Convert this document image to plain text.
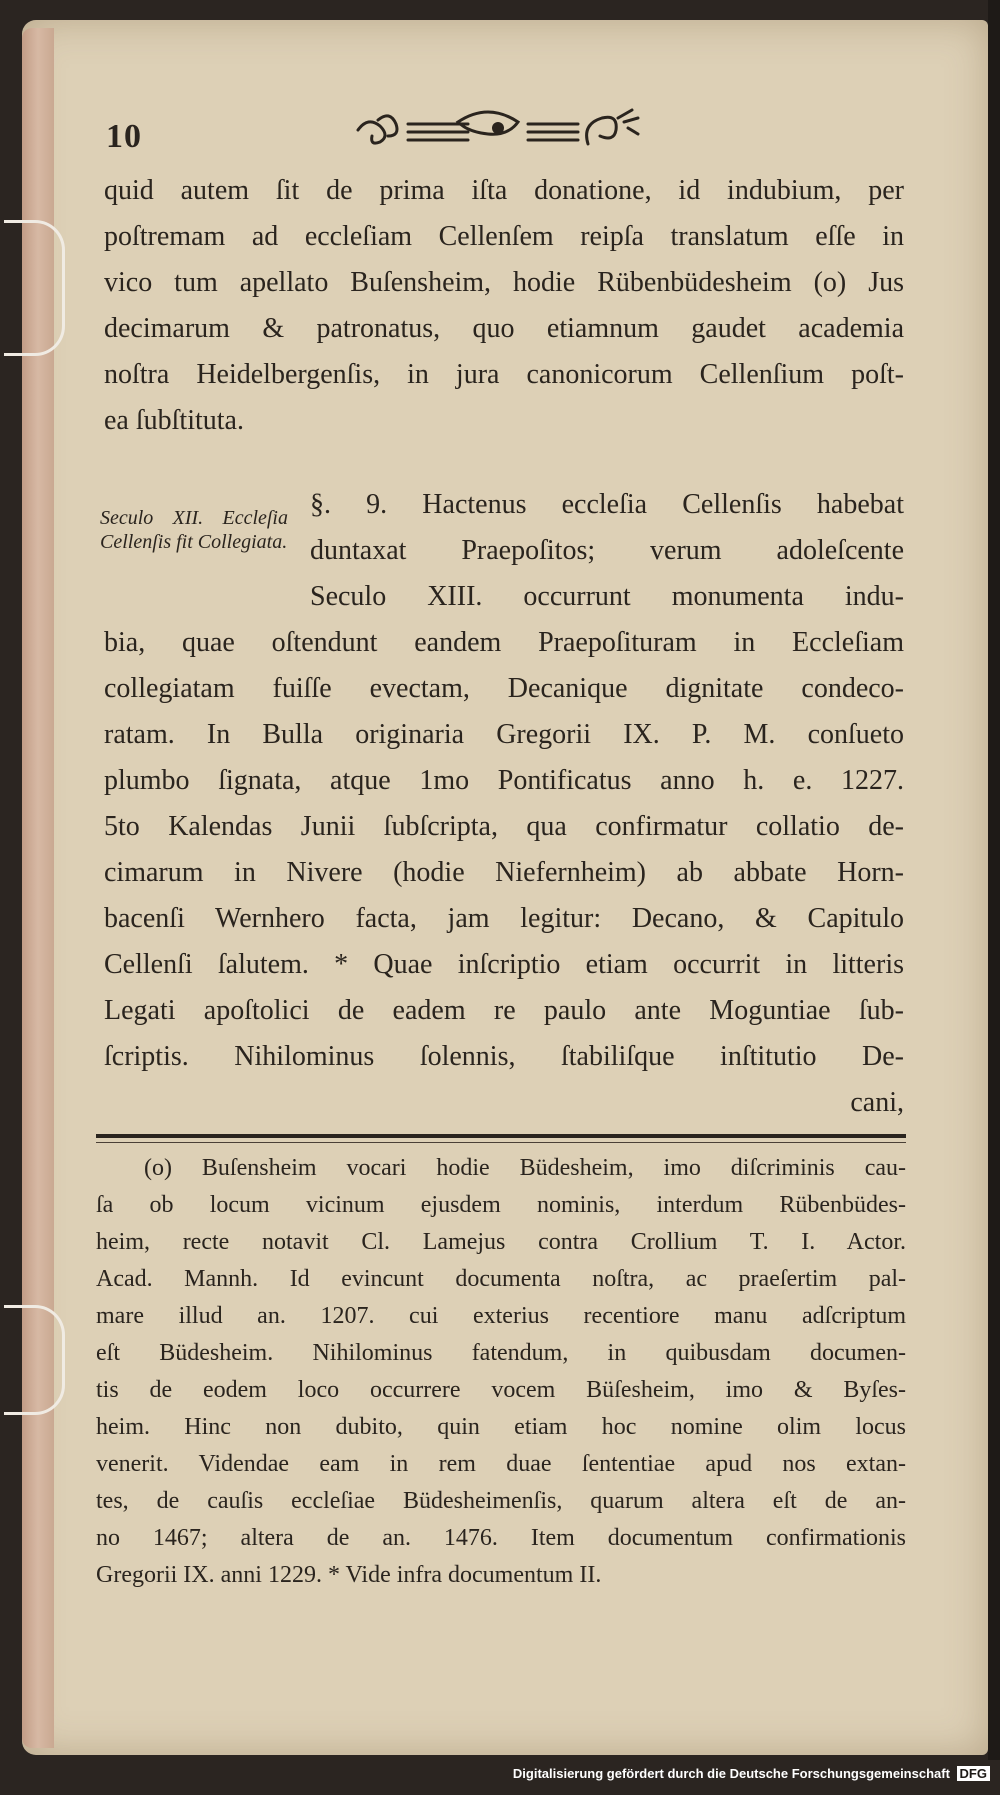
10
quid autem ſit de prima iſta donatione, id indubium, per
poſtremam ad eccleſiam Cellenſem reipſa translatum eſſe in
vico tum apellato Buſensheim, hodie Rübenbüdesheim (o) Jus
decimarum & patronatus, quo etiamnum gaudet academia
noſtra Heidelbergenſis, in jura canonicorum Cellenſium poſt-
ea ſubſtituta.
Seculo XII. Eccleſia Cellenſis fit Collegiata.
§. 9. Hactenus eccleſia Cellenſis habebat
duntaxat Praepoſitos; verum adoleſcente
Seculo XIII. occurrunt monumenta indu-
bia, quae oſtendunt eandem Praepoſituram in Eccleſiam
collegiatam fuiſſe evectam, Decanique dignitate condeco-
ratam. In Bulla originaria Gregorii IX. P. M. conſueto
plumbo ſignata, atque 1mo Pontificatus anno h. e. 1227.
5to Kalendas Junii ſubſcripta, qua confirmatur collatio de-
cimarum in Nivere (hodie Niefernheim) ab abbate Horn-
bacenſi Wernhero facta, jam legitur: Decano, & Capitulo
Cellenſi ſalutem. * Quae inſcriptio etiam occurrit in litteris
Legati apoſtolici de eadem re paulo ante Moguntiae ſub-
ſcriptis. Nihilominus ſolennis, ſtabiliſque inſtitutio De-
cani,
(o) Buſensheim vocari hodie Büdesheim, imo diſcriminis cau-
ſa ob locum vicinum ejusdem nominis, interdum Rübenbüdes-
heim, recte notavit Cl. Lamejus contra Crollium T. I. Actor.
Acad. Mannh. Id evincunt documenta noſtra, ac praeſertim pal-
mare illud an. 1207. cui exterius recentiore manu adſcriptum
eſt Büdesheim. Nihilominus fatendum, in quibusdam documen-
tis de eodem loco occurrere vocem Büſesheim, imo & Byſes-
heim. Hinc non dubito, quin etiam hoc nomine olim locus
venerit. Videndae eam in rem duae ſententiae apud nos extan-
tes, de cauſis eccleſiae Büdesheimenſis, quarum altera eſt de an-
no 1467; altera de an. 1476. Item documentum confirmationis
Gregorii IX. anni 1229. * Vide infra documentum II.
Digitalisierung gefördert durch die Deutsche Forschungsgemeinschaft DFG
